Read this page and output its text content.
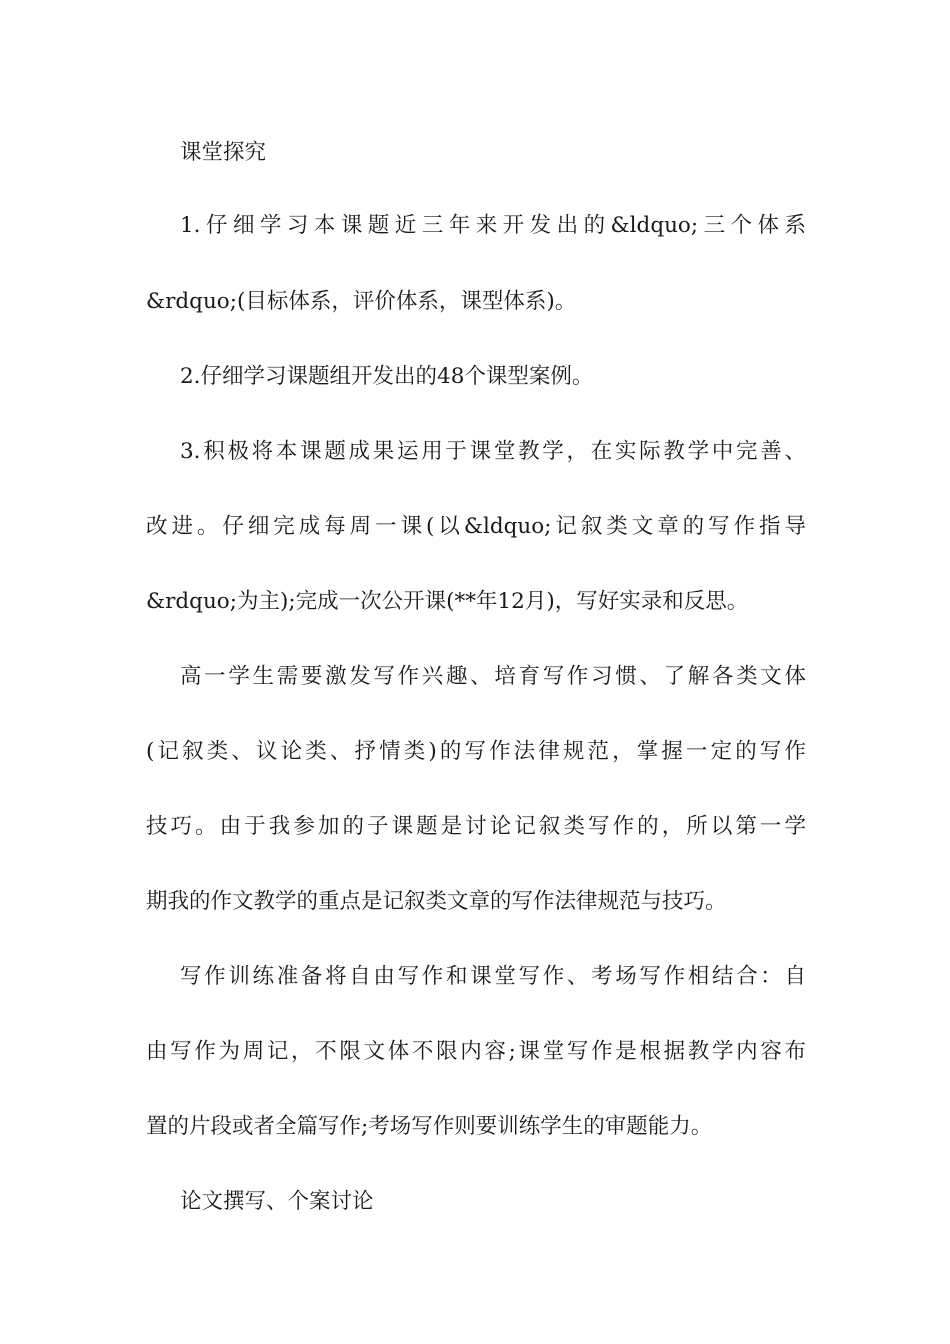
课堂探究
1.仔细学习本课题近三年来开发出的&ldquo;三个体系
&rdquo;(目标体系，评价体系，课型体系)。
2.仔细学习课题组开发出的48个课型案例。
3.积极将本课题成果运用于课堂教学，在实际教学中完善、
改进。仔细完成每周一课(以&ldquo;记叙类文章的写作指导
&rdquo;为主);完成一次公开课(**年12月)，写好实录和反思。
高一学生需要激发写作兴趣、培育写作习惯、了解各类文体
(记叙类、议论类、抒情类)的写作法律规范，掌握一定的写作
技巧。由于我参加的子课题是讨论记叙类写作的，所以第一学
期我的作文教学的重点是记叙类文章的写作法律规范与技巧。
写作训练准备将自由写作和课堂写作、考场写作相结合：自
由写作为周记，不限文体不限内容;课堂写作是根据教学内容布
置的片段或者全篇写作;考场写作则要训练学生的审题能力。
论文撰写、个案讨论
